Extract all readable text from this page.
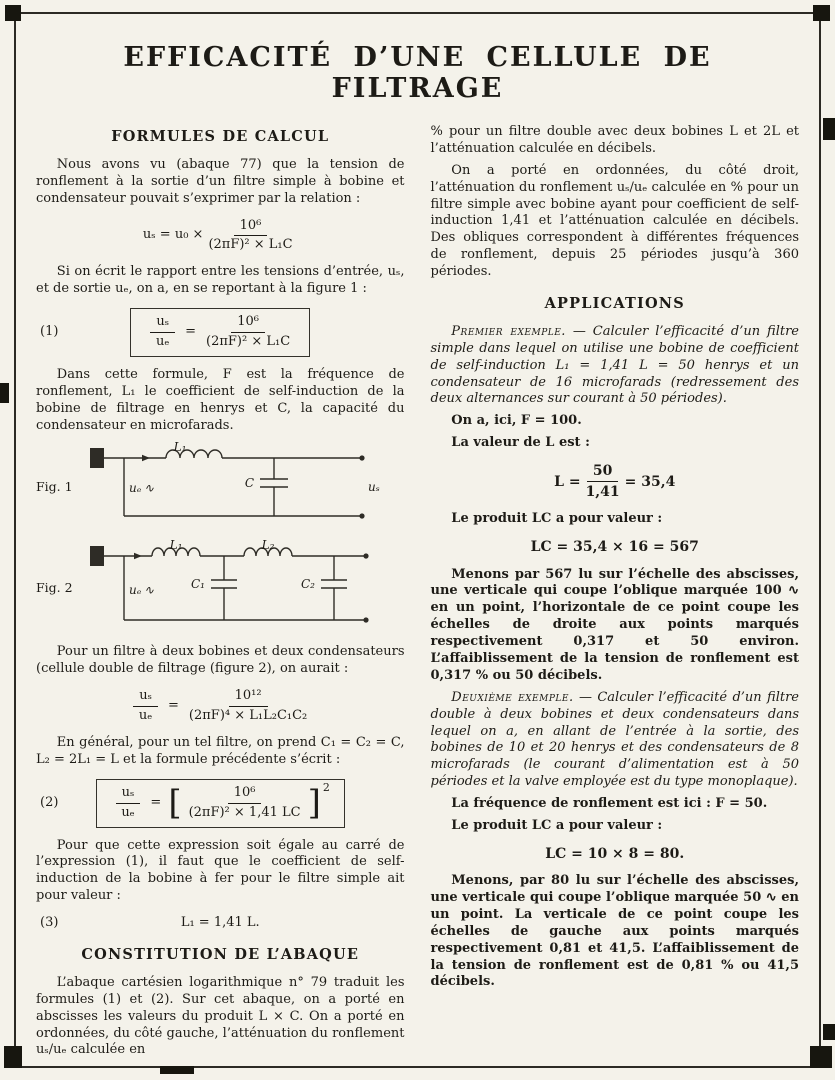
EFFICACITÉ D’UNE CELLULE DE FILTRAGE
FORMULES DE CALCUL

Nous avons vu (abaque 77) que la tension de ronflement à la sortie d’un filtre simple à bobine et condensateur pouvait s’exprimer par la relation :

$u_s = u_0 \times \frac{\text{10⁶}}{\text{(2πF)² × L₁C}}$

Si on écrit le rapport entre les tensions d’entrée, uₛ, et de sortie uₑ, on a, en se reportant à la figure 1 :

(1)	$\frac{\text{uₛ}}{\text{uₑ}} = \frac{\text{10⁶}}{\text{(2πF)² × L₁C}}$

Dans cette formule, F est la fréquence de ronflement, L₁ le coefficient de self-induction de la bobine de filtrage en henrys et C, la capacité du condensateur en microfarads.

Fig. 1
L₁
C
uₑ ∿	uₛ
Fig. 2
L₁	L₂
C₁	C₂
uₑ ∿

Pour un filtre à deux bobines et deux condensateurs (cellule double de filtrage (figure 2), on aurait :

$\frac{\text{uₛ}}{\text{uₑ}} = \frac{\text{10¹²}}{\text{(2πF)⁴ × L₁L₂C₁C₂}}$

En général, pour un tel filtre, on prend C₁ = C₂ = C, L₂ = 2L₁ = L et la formule précédente s’écrit :

(2)	$\frac{\text{uₛ}}{\text{uₑ}}$ = [ $\frac{\text{10⁶}}{\text{(2πF)² × 1,41 LC}}$ ] 2

Pour que cette expression soit égale au carré de l’expression (1), il faut que le coefficient de self-induction de la bobine à fer pour le filtre simple ait pour valeur :

(3)	L₁ = 1,41 L.
CONSTITUTION DE L’ABAQUE

L’abaque cartésien logarithmique n° 79 traduit les formules (1) et (2). Sur cet abaque, on a porté en abscisses les valeurs du produit L × C. On a porté en ordonnées, du côté gauche, l’atténuation du ronflement uₛ/uₑ calculée en

% pour un filtre double avec deux bobines L et 2L et l’atténuation calculée en décibels.

On a porté en ordonnées, du côté droit, l’atténuation du ronflement uₛ/uₑ calculée en % pour un filtre simple avec bobine ayant pour coefficient de self-induction 1,41 et l’atténuation calculée en décibels. Des obliques correspondent à différentes fréquences de ronflement, depuis 25 périodes jusqu’à 360 périodes.

APPLICATIONS

Premier exemple. — Calculer l’efficacité d’un filtre simple dans lequel on utilise une bobine de coefficient de self-induction L₁ = 1,41 L = 50 henrys et un condensateur de 16 microfarads (redressement des deux alternances sur courant à 50 périodes).

On a, ici, F = 100.

La valeur de L est :

$L = \frac{50}{1,41} = 35,4$

Le produit LC a pour valeur :

LC = 35,4 × 16 = 567

Menons par 567 lu sur l’échelle des abscisses, une verticale qui coupe l’oblique marquée 100 ∿ en un point, l’horizontale de ce point coupe les échelles de droite aux points marqués respectivement 0,317 et 50 environ. L’affaiblissement de la tension de ronflement est 0,317 % ou 50 décibels.

Deuxième exemple. — Calculer l’efficacité d’un filtre double à deux bobines et deux condensateurs dans lequel on a, en allant de l’entrée à la sortie, des bobines de 10 et 20 henrys et des condensateurs de 8 microfarads (le courant d’alimentation est à 50 périodes et la valve employée est du type monoplaque).

La fréquence de ronflement est ici : F = 50.

Le produit LC a pour valeur :

LC = 10 × 8 = 80.

Menons, par 80 lu sur l’échelle des abscisses, une verticale qui coupe l’oblique marquée 50 ∿ en un point. La verticale de ce point coupe les échelles de gauche aux points marqués respectivement 0,81 et 41,5. L’affaiblissement de la tension de ronflement est de 0,81 % ou 41,5 décibels.
